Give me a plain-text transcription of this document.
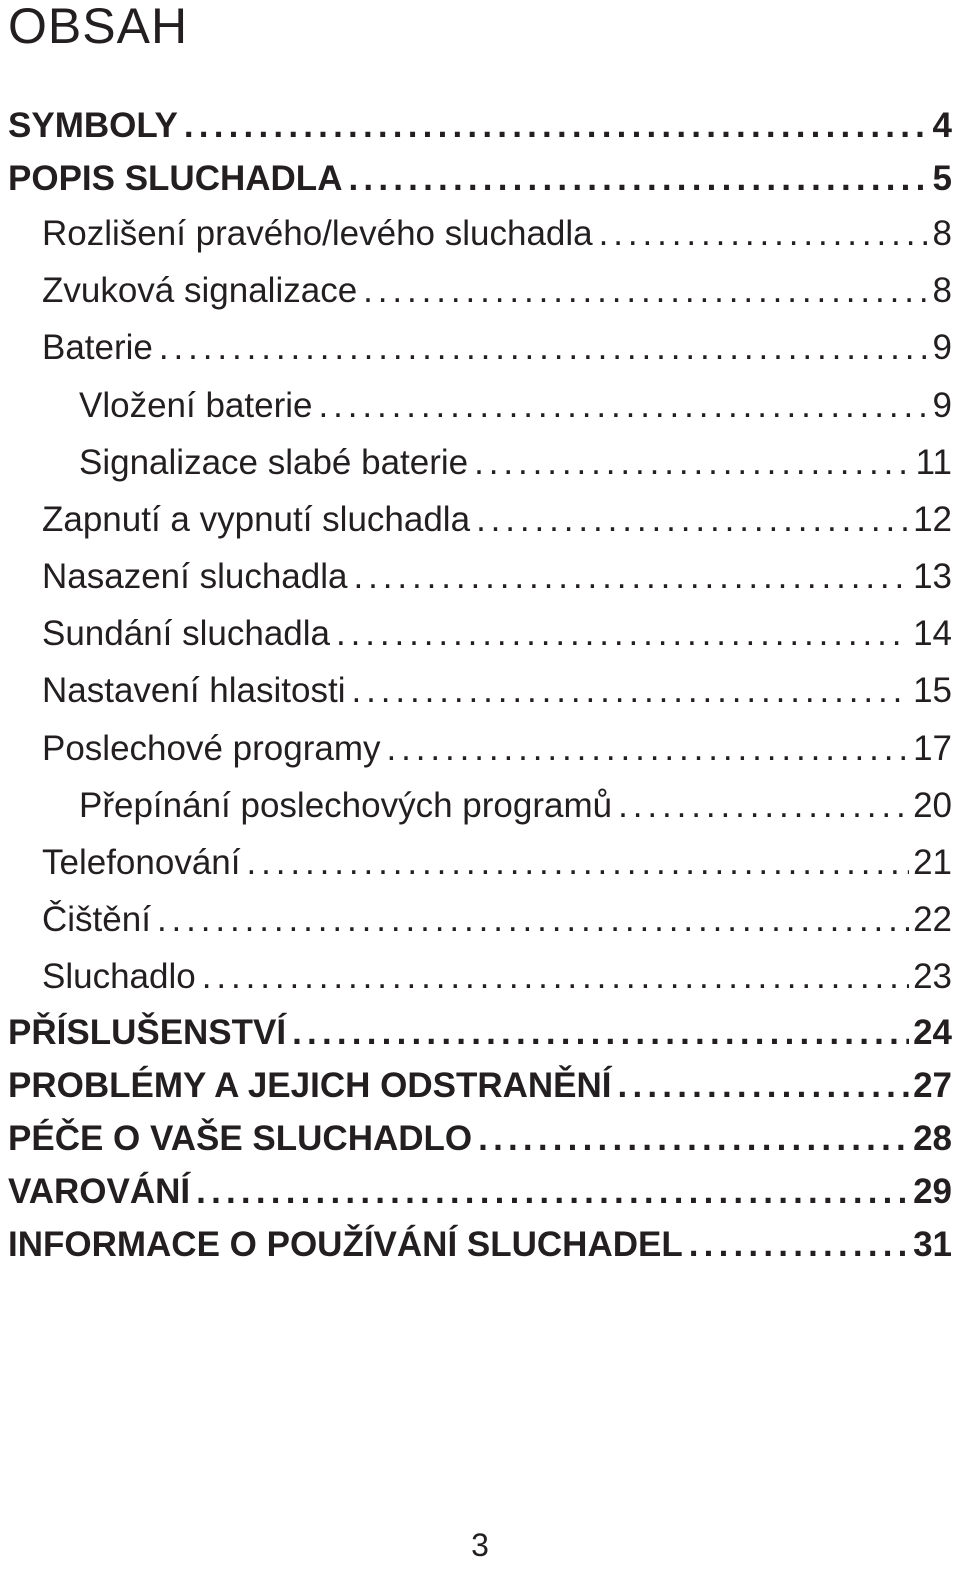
OBSAH
SYMBOLY .....	4
POPIS SLUCHADLA .....	5
Rozlišení pravého/levého sluchadla .....	8
Zvuková signalizace .....	8
Baterie .....	9
Vložení baterie .....	9
Signalizace slabé baterie .....	11
Zapnutí a vypnutí sluchadla .....	12
Nasazení sluchadla .....	13
Sundání sluchadla .....	14
Nastavení hlasitosti .....	15
Poslechové programy .....	17
Přepínání poslechových programů .....	20
Telefonování .....	21
Čištění .....	22
Sluchadlo .....	23
PŘÍSLUŠENSTVÍ .....	24
PROBLÉMY A JEJICH ODSTRANĚNÍ .....	27
PÉČE O VAŠE SLUCHADLO .....	28
VAROVÁNÍ .....	29
INFORMACE O POUŽÍVÁNÍ SLUCHADEL .....	31
3
